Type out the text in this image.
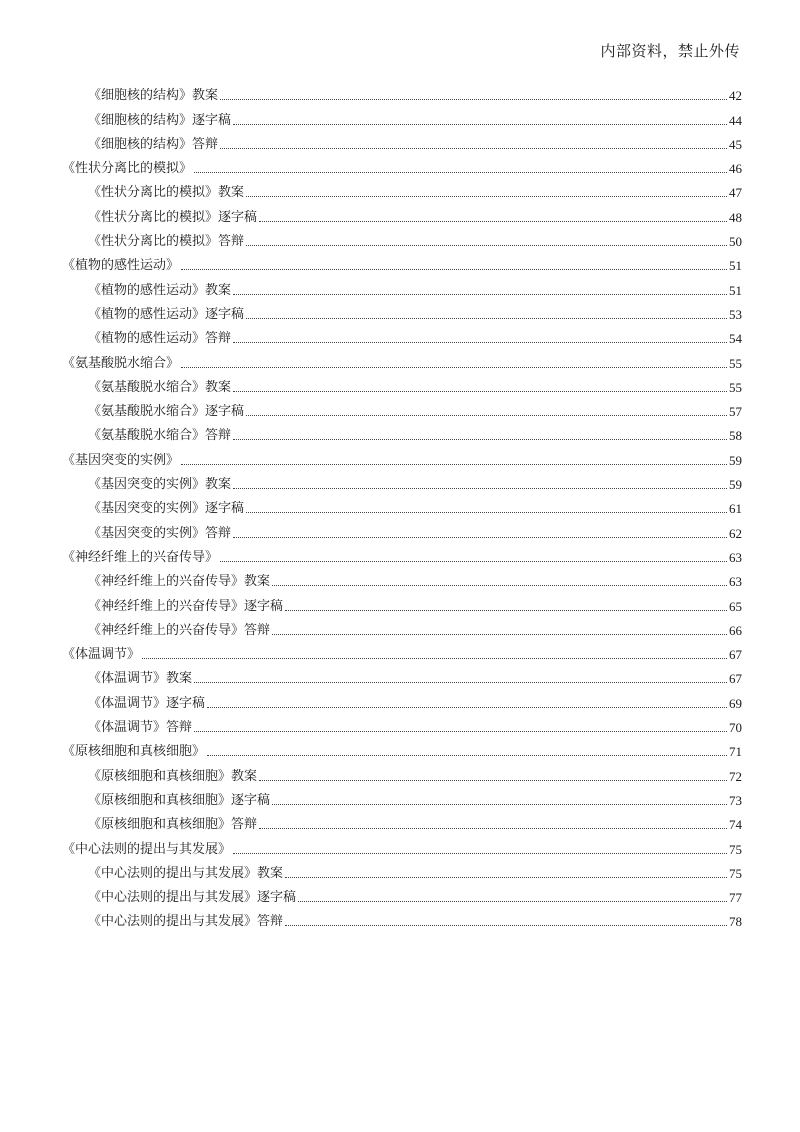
内部资料，禁止外传
《细胞核的结构》教案	42
《细胞核的结构》逐字稿	44
《细胞核的结构》答辩	45
《性状分离比的模拟》	46
《性状分离比的模拟》教案	47
《性状分离比的模拟》逐字稿	48
《性状分离比的模拟》答辩	50
《植物的感性运动》	51
《植物的感性运动》教案	51
《植物的感性运动》逐字稿	53
《植物的感性运动》答辩	54
《氨基酸脱水缩合》	55
《氨基酸脱水缩合》教案	55
《氨基酸脱水缩合》逐字稿	57
《氨基酸脱水缩合》答辩	58
《基因突变的实例》	59
《基因突变的实例》教案	59
《基因突变的实例》逐字稿	61
《基因突变的实例》答辩	62
《神经纤维上的兴奋传导》	63
《神经纤维上的兴奋传导》教案	63
《神经纤维上的兴奋传导》逐字稿	65
《神经纤维上的兴奋传导》答辩	66
《体温调节》	67
《体温调节》教案	67
《体温调节》逐字稿	69
《体温调节》答辩	70
《原核细胞和真核细胞》	71
《原核细胞和真核细胞》教案	72
《原核细胞和真核细胞》逐字稿	73
《原核细胞和真核细胞》答辩	74
《中心法则的提出与其发展》	75
《中心法则的提出与其发展》教案	75
《中心法则的提出与其发展》逐字稿	77
《中心法则的提出与其发展》答辩	78
